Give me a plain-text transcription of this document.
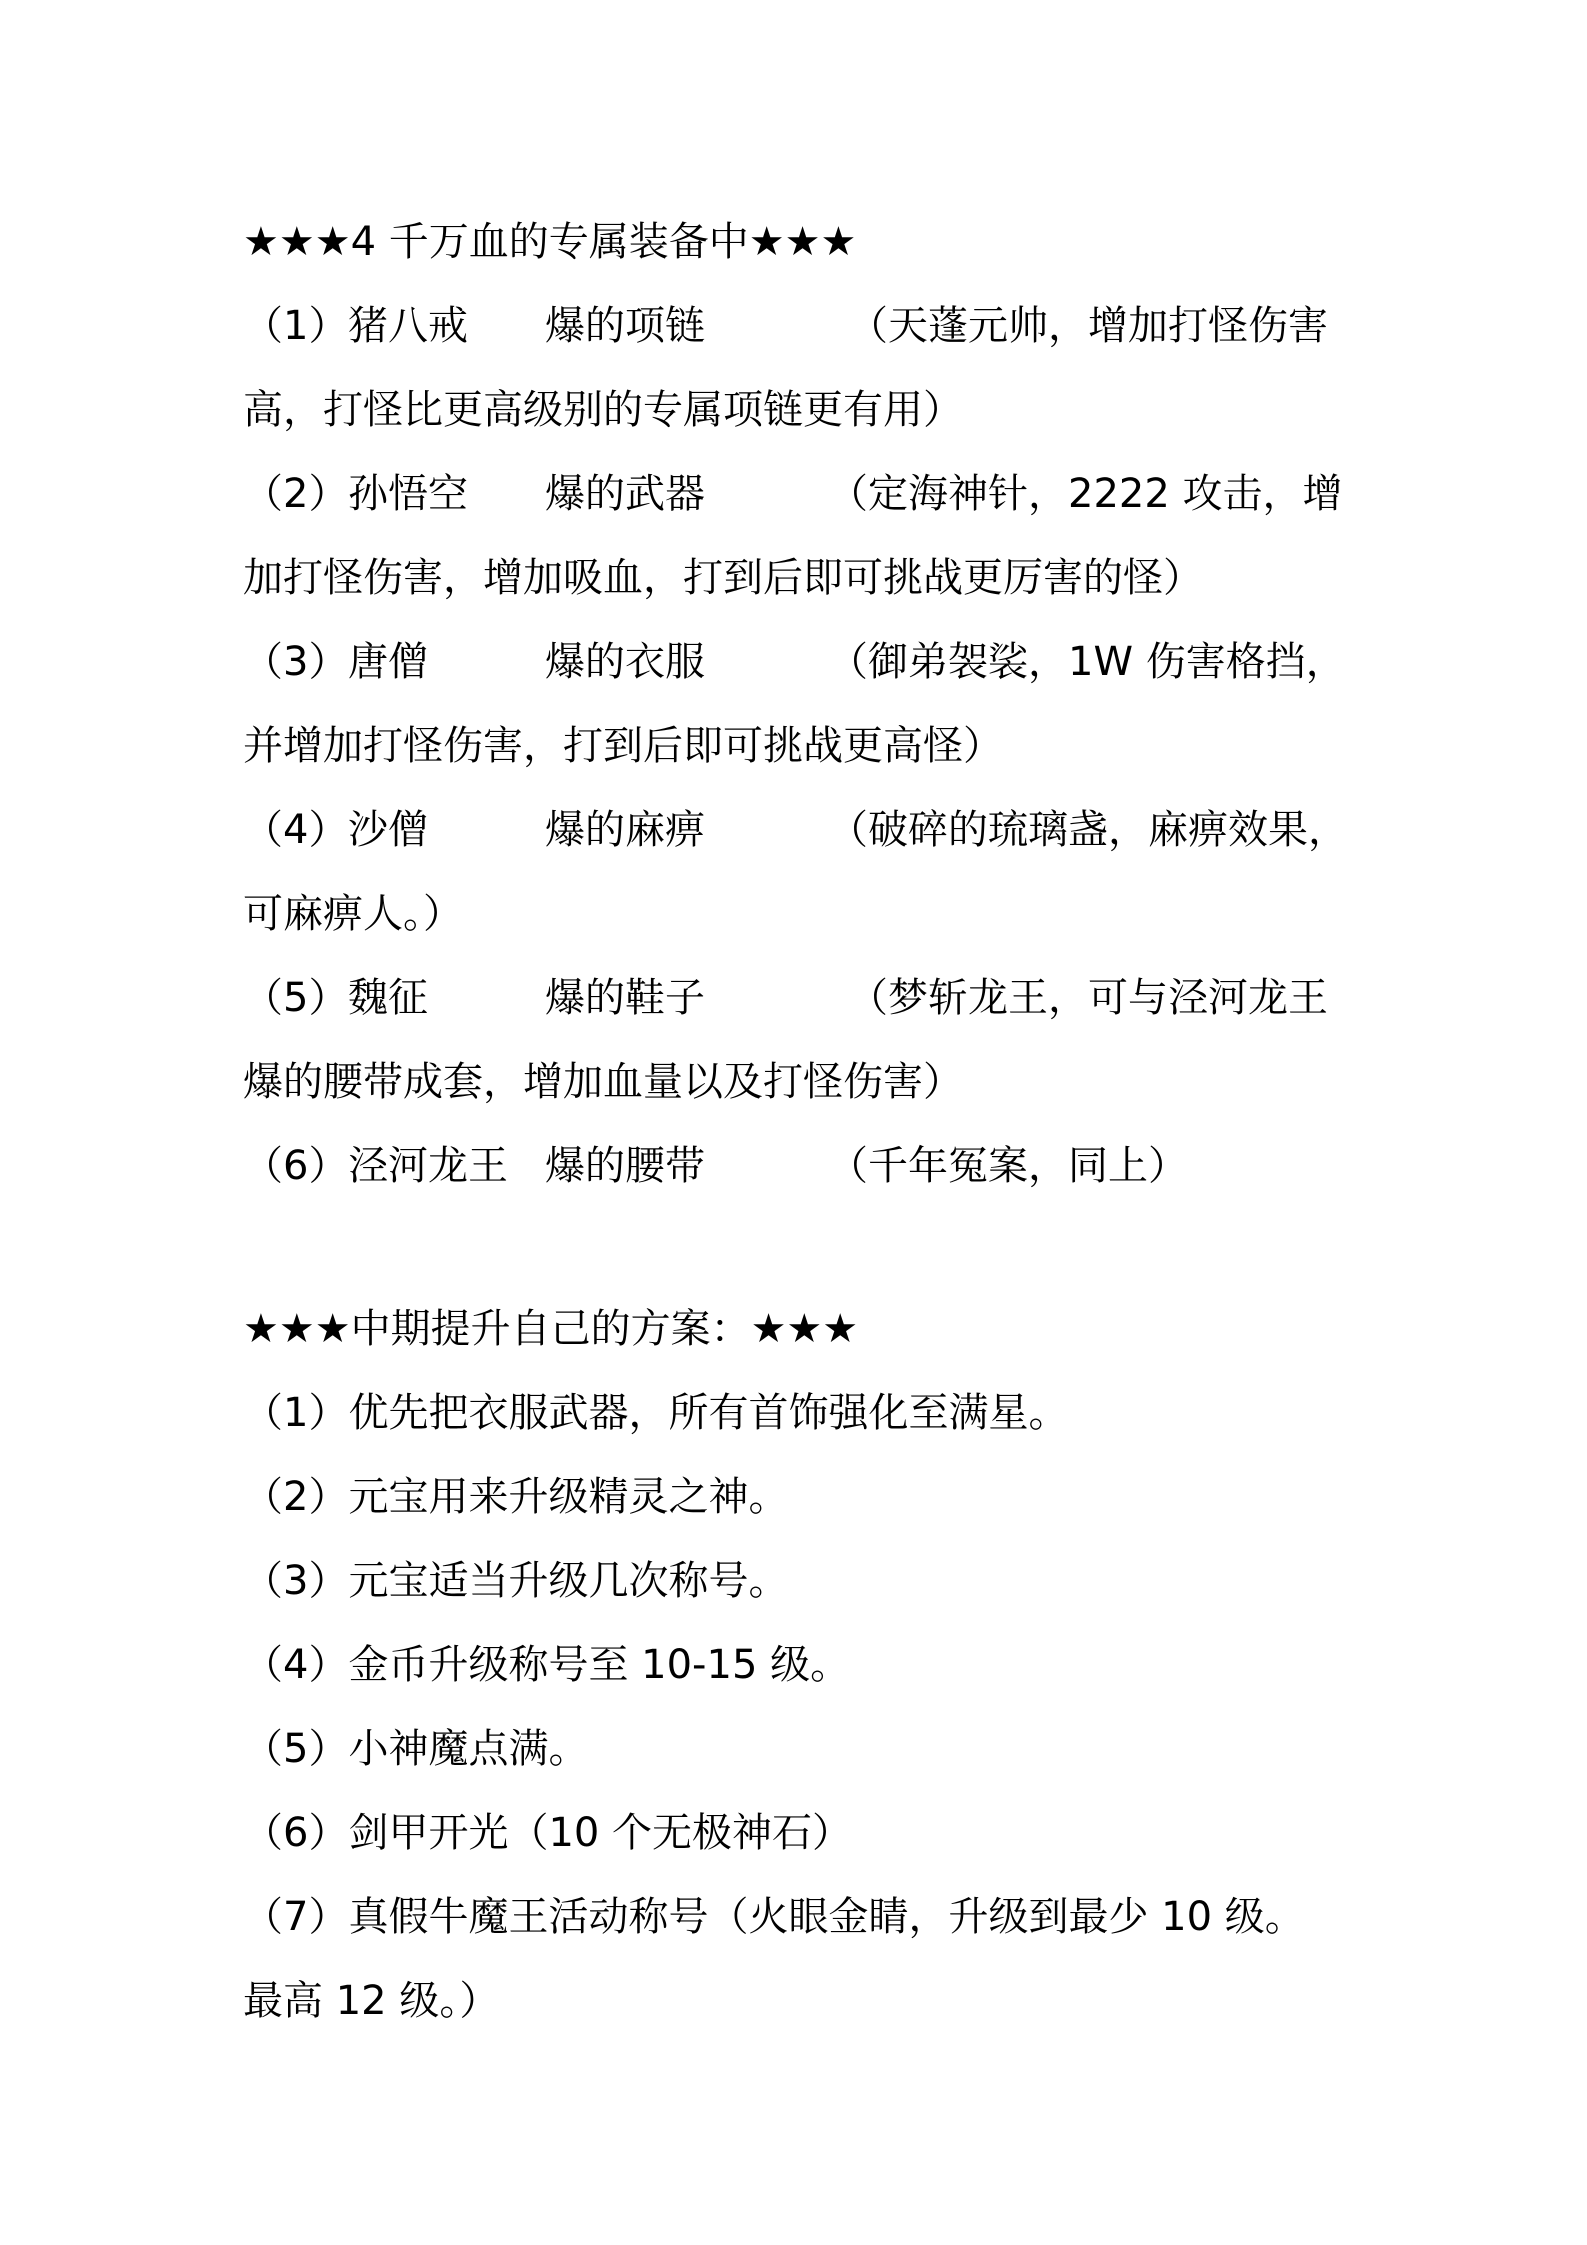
★★★4 千万血的专属装备中★★★

（1） 猪八戒 爆的项链	（天蓬元帅，增加打怪伤害

高，打怪比更高级别的专属项链更有用）

（2） 孙悟空 爆的武器	（定海神针，2222 攻击，增

加打怪伤害，增加吸血，打到后即可挑战更厉害的怪）

（3） 唐僧	爆的衣服	（御弟袈裟，1W 伤害格挡，

并增加打怪伤害，打到后即可挑战更高怪）

（4） 沙僧	爆的麻痹	（破碎的琉璃盏，麻痹效果，

可麻痹人。）

（5） 魏征	爆的鞋子	（梦斩龙王，可与泾河龙王

爆的腰带成套，增加血量以及打怪伤害）

（6） 泾河龙王 爆的腰带	（千年冤案，同上）

★★★中期提升自己的方案：★★★

（1）优先把衣服武器，所有首饰强化至满星。

（2）元宝用来升级精灵之神。

（3）元宝适当升级几次称号。

（4）金币升级称号至 10-15 级。

（5）小神魔点满。

（6）剑甲开光（10 个无极神石）

（7）真假牛魔王活动称号（火眼金睛，升级到最少 10 级。

最高 12 级。）
